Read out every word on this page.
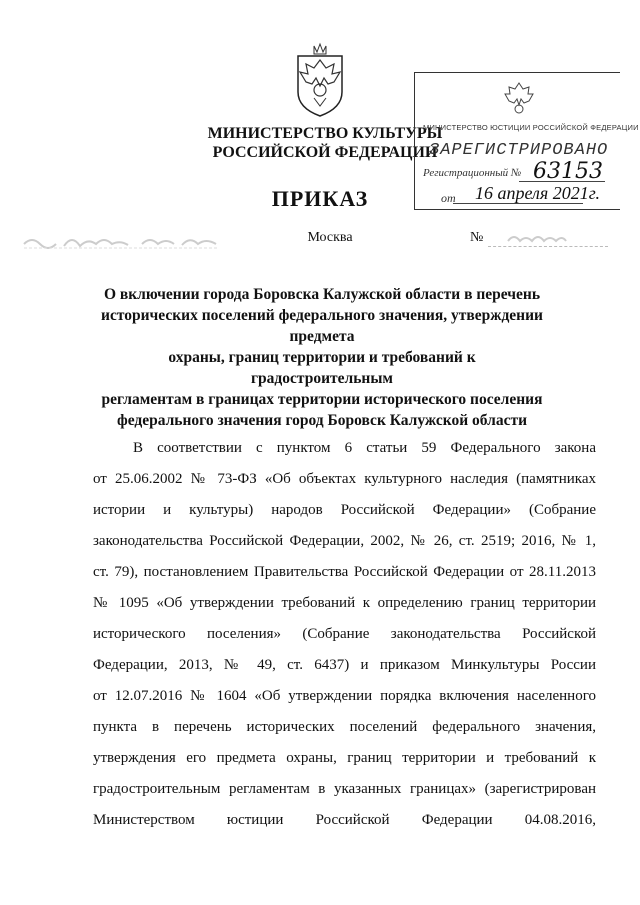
МИНИСТЕРСТВО КУЛЬТУРЫ
РОССИЙСКОЙ ФЕДЕРАЦИИ
ПРИКАЗ
МИНИСТЕРСТВО ЮСТИЦИИ РОССИЙСКОЙ ФЕДЕРАЦИИ
ЗАРЕГИСТРИРОВАНО
Регистрационный № 63153
от 16 апреля 2021г.
Москва	№
О включении города Боровска Калужской области в перечень
исторических поселений федерального значения, утверждении предмета
охраны, границ территории и требований к градостроительным
регламентам в границах территории исторического поселения
федерального значения город Боровск Калужской области
В соответствии с пунктом 6 статьи 59 Федерального закона
от 25.06.2002 № 73-ФЗ «Об объектах культурного наследия (памятниках
истории и культуры) народов Российской Федерации» (Собрание
законодательства Российской Федерации, 2002, № 26, ст. 2519; 2016, № 1,
ст. 79), постановлением Правительства Российской Федерации от 28.11.2013
№ 1095 «Об утверждении требований к определению границ территории
исторического поселения» (Собрание законодательства Российской
Федерации, 2013, № 49, ст. 6437) и приказом Минкультуры России
от 12.07.2016 № 1604 «Об утверждении порядка включения населенного
пункта в перечень исторических поселений федерального значения,
утверждения его предмета охраны, границ территории и требований к
градостроительным регламентам в указанных границах» (зарегистрирован
Министерством юстиции Российской Федерации 04.08.2016,
